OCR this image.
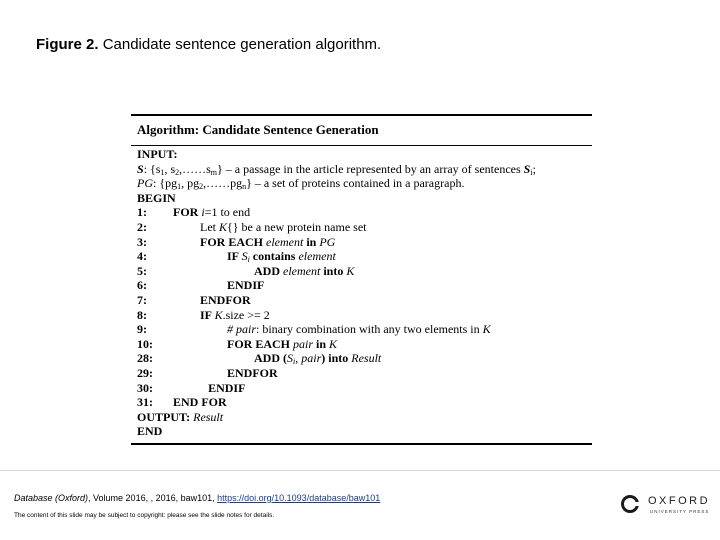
Figure 2. Candidate sentence generation algorithm.
Algorithm: Candidate Sentence Generation
INPUT:
S: {$s_1$, $s_2,\dots\dots s_m$} – a passage in the article represented by an array of sentences $S_i$;
PG: {$pg_1$, $pg_2,\dots\dots pg_n$} – a set of proteins contained in a paragraph.
BEGIN
1: FOR i=1 to end
2:	Let K{} be a new protein name set
3:	FOR EACH element in PG
4:	IF $S_i$ contains element
5:	ADD element into K
6:	ENDIF
7:	ENDFOR
8:	IF K.size >= 2
9:	# pair: binary combination with any two elements in K
10:	FOR EACH pair in K
28:	ADD ($S_i$, pair) into Result
29:	ENDFOR
30:	ENDIF
31: END FOR
OUTPUT: Result
END
Database (Oxford), Volume 2016, , 2016, baw101, https://doi.org/10.1093/database/baw101
The content of this slide may be subject to copyright: please see the slide notes for details.
OXFORD
UNIVERSITY PRESS
